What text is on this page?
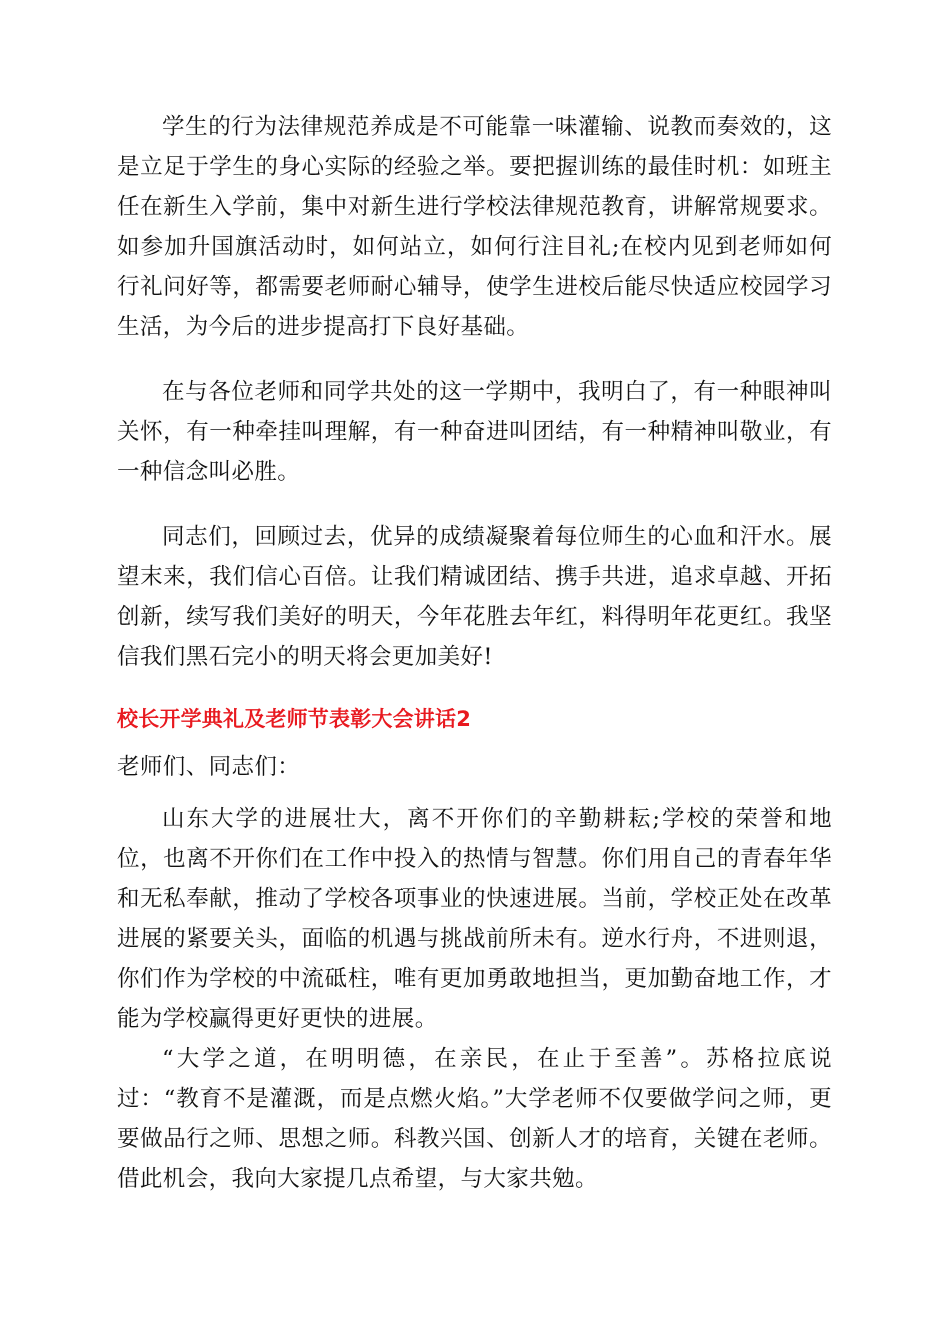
学生的行为法律规范养成是不可能靠一味灌输、说教而奏效的，这是立足于学生的身心实际的经验之举。要把握训练的最佳时机：如班主任在新生入学前，集中对新生进行学校法律规范教育，讲解常规要求。如参加升国旗活动时，如何站立，如何行注目礼;在校内见到老师如何行礼问好等，都需要老师耐心辅导，使学生进校后能尽快适应校园学习生活，为今后的进步提高打下良好基础。

在与各位老师和同学共处的这一学期中，我明白了，有一种眼神叫关怀，有一种牵挂叫理解，有一种奋进叫团结，有一种精神叫敬业，有一种信念叫必胜。

同志们，回顾过去，优异的成绩凝聚着每位师生的心血和汗水。展望末来，我们信心百倍。让我们精诚团结、携手共进，追求卓越、开拓创新，续写我们美好的明天，今年花胜去年红，料得明年花更红。我坚信我们黑石完小的明天将会更加美好!

校长开学典礼及老师节表彰大会讲话2

老师们、同志们：

山东大学的进展壮大，离不开你们的辛勤耕耘;学校的荣誉和地位，也离不开你们在工作中投入的热情与智慧。你们用自己的青春年华和无私奉献，推动了学校各项事业的快速进展。当前，学校正处在改革进展的紧要关头，面临的机遇与挑战前所未有。逆水行舟，不进则退，你们作为学校的中流砥柱，唯有更加勇敢地担当，更加勤奋地工作，才能为学校赢得更好更快的进展。

“大学之道，在明明德，在亲民，在止于至善”。苏格拉底说过：“教育不是灌溉，而是点燃火焰。”大学老师不仅要做学问之师，更要做品行之师、思想之师。科教兴国、创新人才的培育，关键在老师。借此机会，我向大家提几点希望，与大家共勉。
